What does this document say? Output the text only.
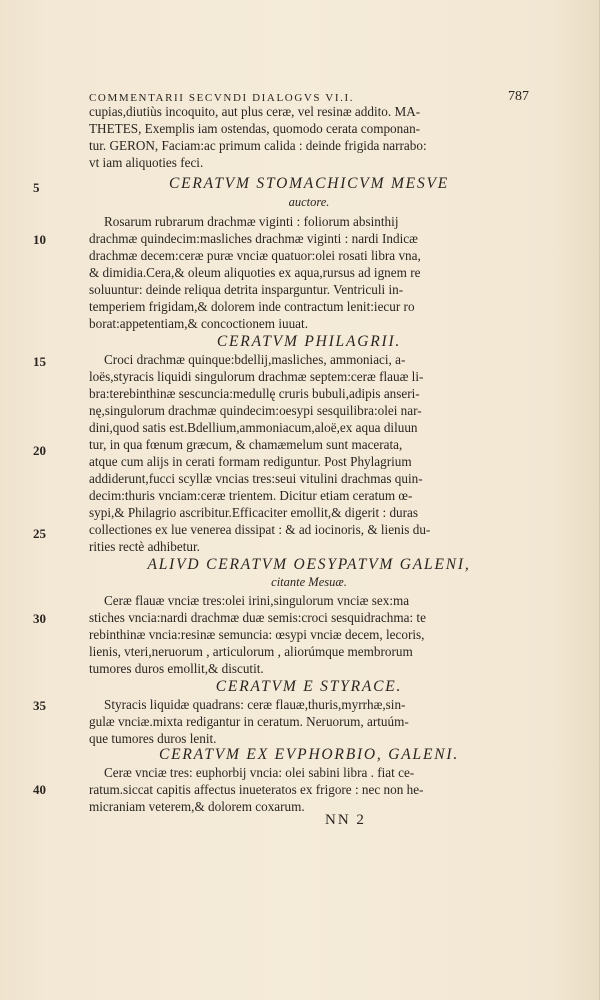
COMMENTARII SECVNDI DIALOGVS VI.I.	787
cupias,diutiùs incoquito, aut plus ceræ, vel resinæ addito. MA-
THETES, Exemplis iam ostendas, quomodo cerata componan-
tur. GERON, Faciam:ac primum calida : deinde frigida narrabo:
vt iam aliquoties feci.
CERATVM STOMACHICVM MESVE
auctore.
Rosarum rubrarum drachmæ viginti : foliorum absinthij
drachmæ quindecim:masliches drachmæ viginti : nardi Indicæ
drachmæ decem:ceræ puræ vnciæ quatuor:olei rosati libra vna,
& dimidia.Cera,& oleum aliquoties ex aqua,rursus ad ignem re
soluuntur: deinde reliqua detrita insparguntur. Ventriculi in-
temperiem frigidam,& dolorem inde contractum lenit:iecur ro
borat:appetentiam,& concoctionem iuuat.
CERATVM PHILAGRII.
Croci drachmæ quinque:bdellij,masliches, ammoniaci, a-
loës,styracis liquidi singulorum drachmæ septem:ceræ flauæ li-
bra:terebinthinæ sescuncia:medullę cruris bubuli,adipis anseri-
nę,singulorum drachmæ quindecim:oesypi sesquilibra:olei nar-
dini,quod satis est.Bdellium,ammoniacum,aloë,ex aqua diluun
tur, in qua fœnum græcum, & chamæmelum sunt macerata,
atque cum alijs in cerati formam rediguntur. Post Phylagrium
addiderunt,fucci scyllæ vncias tres:seui vitulini drachmas quin-
decim:thuris vnciam:ceræ trientem. Dicitur etiam ceratum œ-
sypi,& Philagrio ascribitur.Efficaciter emollit,& digerit : duras
collectiones ex lue venerea dissipat : & ad iocinoris, & lienis du-
rities rectè adhibetur.
ALIVD CERATVM OESYPATVM GALENI,
citante Mesuæ.
Ceræ flauæ vnciæ tres:olei irini,singulorum vnciæ sex:ma
stiches vncia:nardi drachmæ duæ semis:croci sesquidrachma: te
rebinthinæ vncia:resinæ semuncia: œsypi vnciæ decem, lecoris,
lienis, vteri,neruorum , articulorum , aliorúmque membrorum
tumores duros emollit,& discutit.
CERATVM E STYRACE.
Styracis liquidæ quadrans: ceræ flauæ,thuris,myrrhæ,sin-
gulæ vnciæ.mixta redigantur in ceratum. Neruorum, artuúm-
que tumores duros lenit.
CERATVM EX EVPHORBIO, GALENI.
Ceræ vnciæ tres: euphorbij vncia: olei sabini libra . fiat ce-
ratum.siccat capitis affectus inueteratos ex frigore : nec non he-
micraniam veterem,& dolorem coxarum.
5
10
15
20
25
30
35
40
NN 2
